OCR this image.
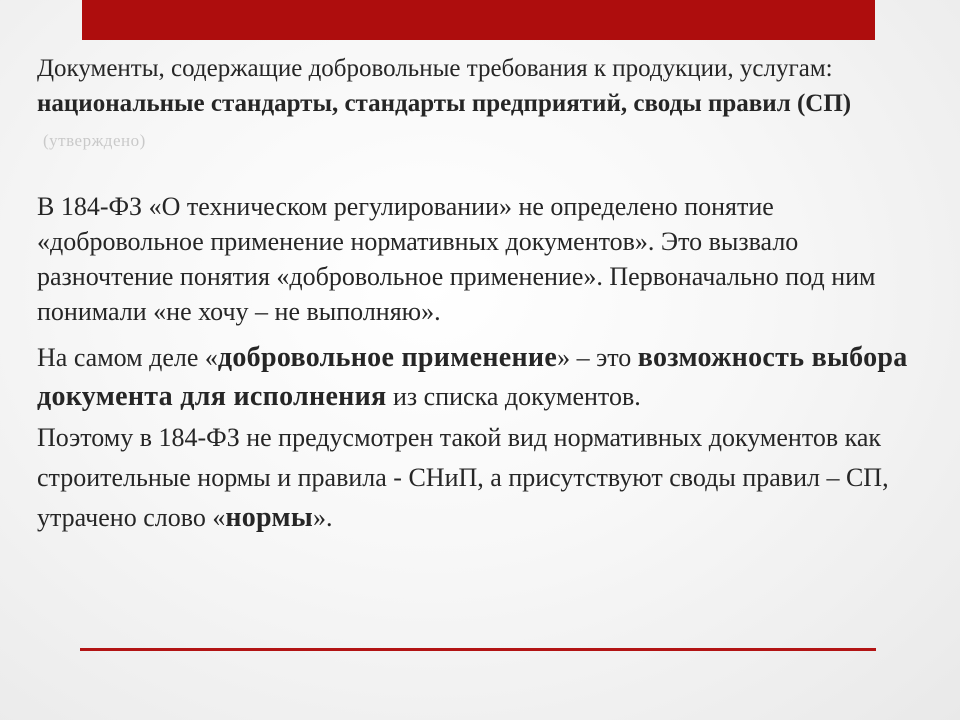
Документы, содержащие добровольные требования к продукции, услугам: национальные стандарты, стандарты предприятий, своды правил (СП)(утверждено)

В 184-ФЗ «О техническом регулировании» не определено понятие «добровольное применение нормативных документов». Это вызвало разночтение понятия «добровольное применение». Первоначально под ним понимали «не хочу – не выполняю».

На самом деле «добровольное применение» – это возможность выбора документа для исполнения из списка документов.

Поэтому в 184-ФЗ не предусмотрен такой вид нормативных документов как строительные нормы и правила - СНиП, а присутствуют своды правил – СП, утрачено слово «нормы».
